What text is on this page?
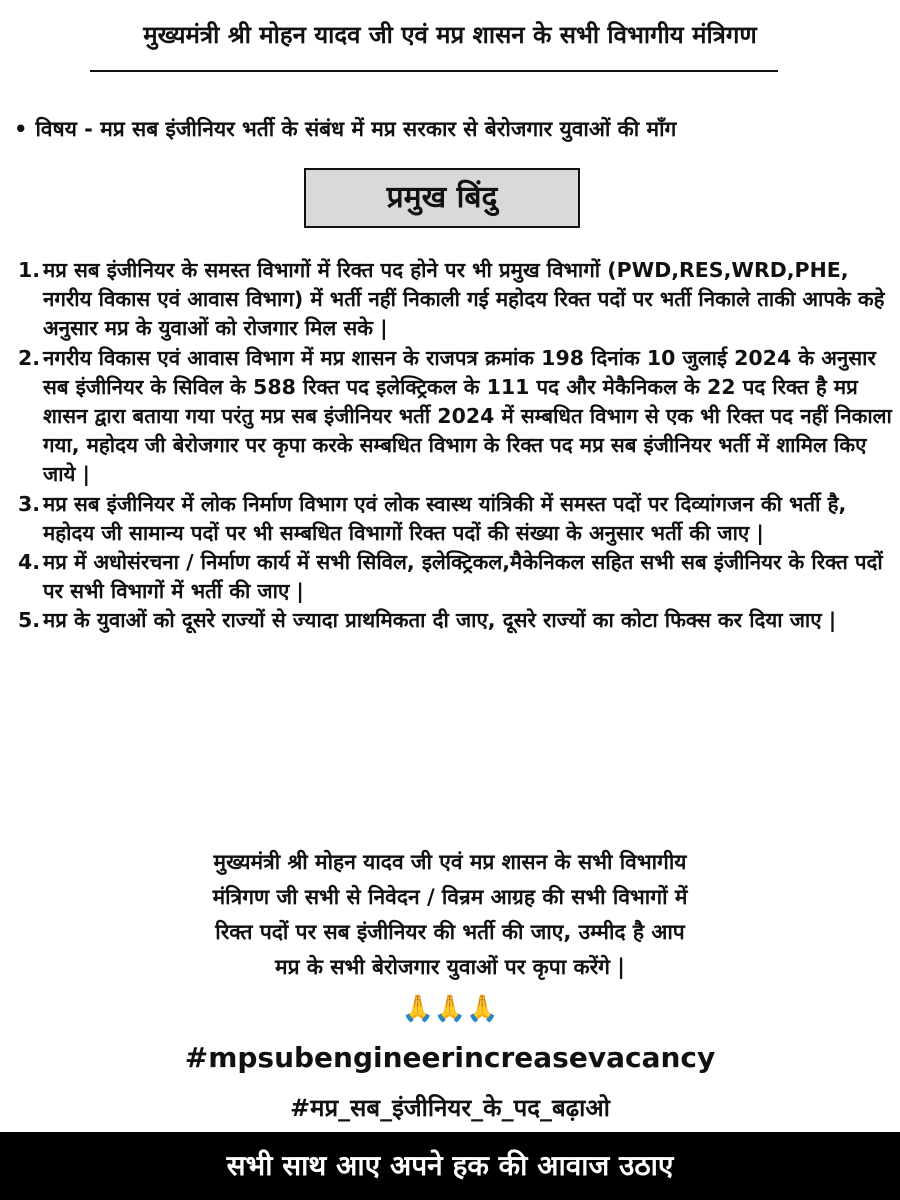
मुख्यमंत्री श्री मोहन यादव जी एवं मप्र शासन के सभी विभागीय मंत्रिगण
• विषय - मप्र सब इंजीनियर भर्ती के संबंध में मप्र सरकार से बेरोजगार युवाओं की माँग
प्रमुख बिंदु
1. मप्र सब इंजीनियर के समस्त विभागों में रिक्त पद होने पर भी प्रमुख विभागों (PWD,RES,WRD,PHE, नगरीय विकास एवं आवास विभाग) में भर्ती नहीं निकाली गई महोदय रिक्त पदों पर भर्ती निकाले ताकी आपके कहे अनुसार मप्र के युवाओं को रोजगार मिल सके |
2. नगरीय विकास एवं आवास विभाग में मप्र शासन के राजपत्र क्रमांक 198 दिनांक 10 जुलाई 2024 के अनुसार सब इंजीनियर के सिविल के 588 रिक्त पद इलेक्ट्रिकल के 111 पद और मेकैनिकल के 22 पद रिक्त है मप्र शासन द्वारा बताया गया परंतु मप्र सब इंजीनियर भर्ती 2024 में सम्बधित विभाग से एक भी रिक्त पद नहीं निकाला गया, महोदय जी बेरोजगार पर कृपा करके सम्बधित विभाग के रिक्त पद मप्र सब इंजीनियर भर्ती में शामिल किए जाये |
3. मप्र सब इंजीनियर में लोक निर्माण विभाग एवं लोक स्वास्थ यांत्रिकी में समस्त पदों पर दिव्यांगजन की भर्ती है, महोदय जी सामान्य पदों पर भी सम्बधित विभागों रिक्त पदों की संख्या के अनुसार भर्ती की जाए |
4. मप्र में अधोसंरचना / निर्माण कार्य में सभी सिविल, इलेक्ट्रिकल,मैकेनिकल सहित सभी सब इंजीनियर के रिक्त पदों पर सभी विभागों में भर्ती की जाए |
5. मप्र के युवाओं को दूसरे राज्यों से ज्यादा प्राथमिकता दी जाए, दूसरे राज्यों का कोटा फिक्स कर दिया जाए |
मुख्यमंत्री श्री मोहन यादव जी एवं मप्र शासन के सभी विभागीय
मंत्रिगण जी सभी से निवेदन / विन्रम आग्रह की सभी विभागों में
रिक्त पदों पर सब इंजीनियर की भर्ती की जाए, उम्मीद है आप
मप्र के सभी बेरोजगार युवाओं पर कृपा करेंगे |
🙏🙏🙏
#mpsubengineerincreasevacancy
#मप्र_सब_इंजीनियर_के_पद_बढ़ाओ
सभी साथ आए अपने हक की आवाज उठाए
